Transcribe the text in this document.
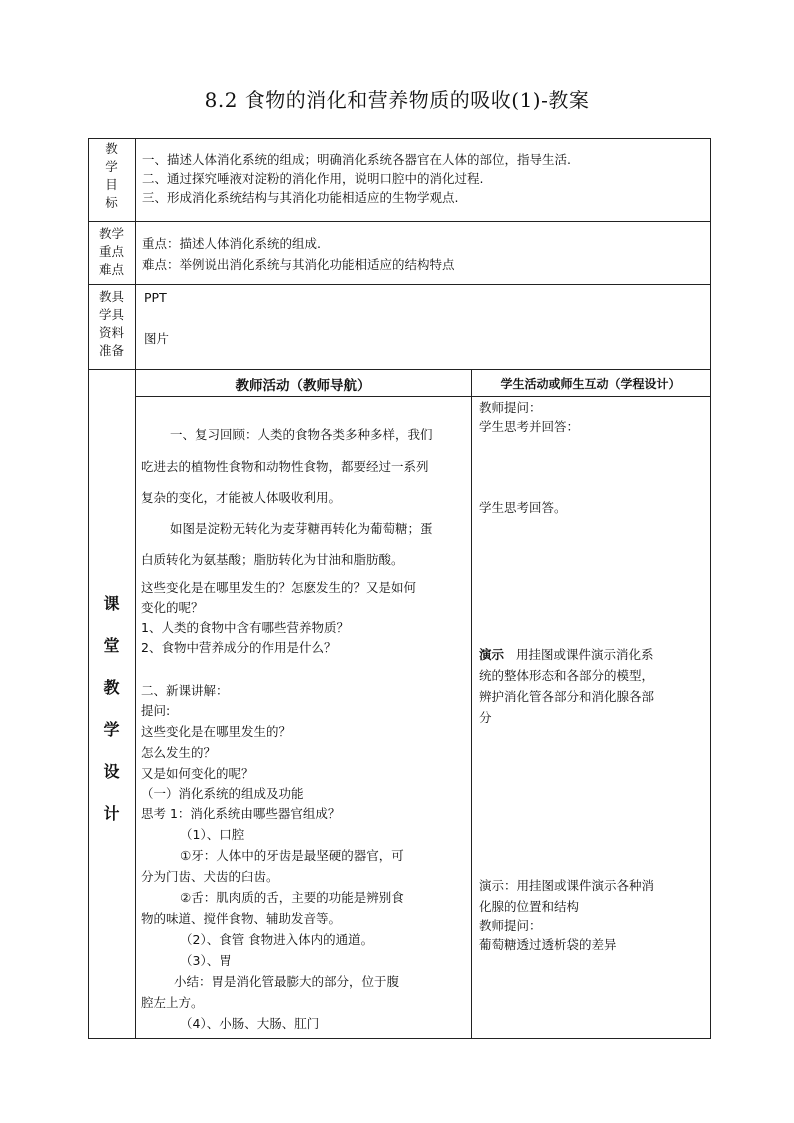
8.2 食物的消化和营养物质的吸收(1)-教案
教
学
目
标
一、描述人体消化系统的组成；明确消化系统各器官在人体的部位，指导生活.
二、通过探究唾液对淀粉的消化作用，说明口腔中的消化过程.
三、形成消化系统结构与其消化功能相适应的生物学观点.
教学
重点
难点
重点：描述人体消化系统的组成.
难点：举例说出消化系统与其消化功能相适应的结构特点
教具
学具
资料
准备
PPT
图片
课
堂
教
学
设
计
教师活动（教师导航）	学生活动或师生互动（学程设计）
一、复习回顾：人类的食物各类多种多样，我们
吃进去的植物性食物和动物性食物，都要经过一系列
复杂的变化，才能被人体吸收利用。
如图是淀粉无转化为麦芽糖再转化为葡萄糖；蛋
白质转化为氨基酸；脂肪转化为甘油和脂肪酸。
这些变化是在哪里发生的？怎麽发生的？又是如何
变化的呢？
1、人类的食物中含有哪些营养物质？
2、食物中营养成分的作用是什么？
二、新课讲解：
提问:
这些变化是在哪里发生的？
怎么发生的？
又是如何变化的呢？
（一）消化系统的组成及功能
思考 1：消化系统由哪些器官组成？
（1）、口腔
①牙：人体中的牙齿是最坚硬的器官，可
分为门齿、犬齿的臼齿。
②舌：肌肉质的舌，主要的功能是辨别食
物的味道、搅伴食物、辅助发音等。
（2）、食管 食物进入体内的通道。
（3）、胃
小结：胃是消化管最膨大的部分，位于腹
腔左上方。
（4）、小肠、大肠、肛门
教师提问：
学生思考并回答：
学生思考回答。
演示 用挂图或课件演示消化系
统的整体形态和各部分的模型，
辨护消化管各部分和消化腺各部
分
演示：用挂图或课件演示各种消
化腺的位置和结构
教师提问：
葡萄糖透过透析袋的差异
